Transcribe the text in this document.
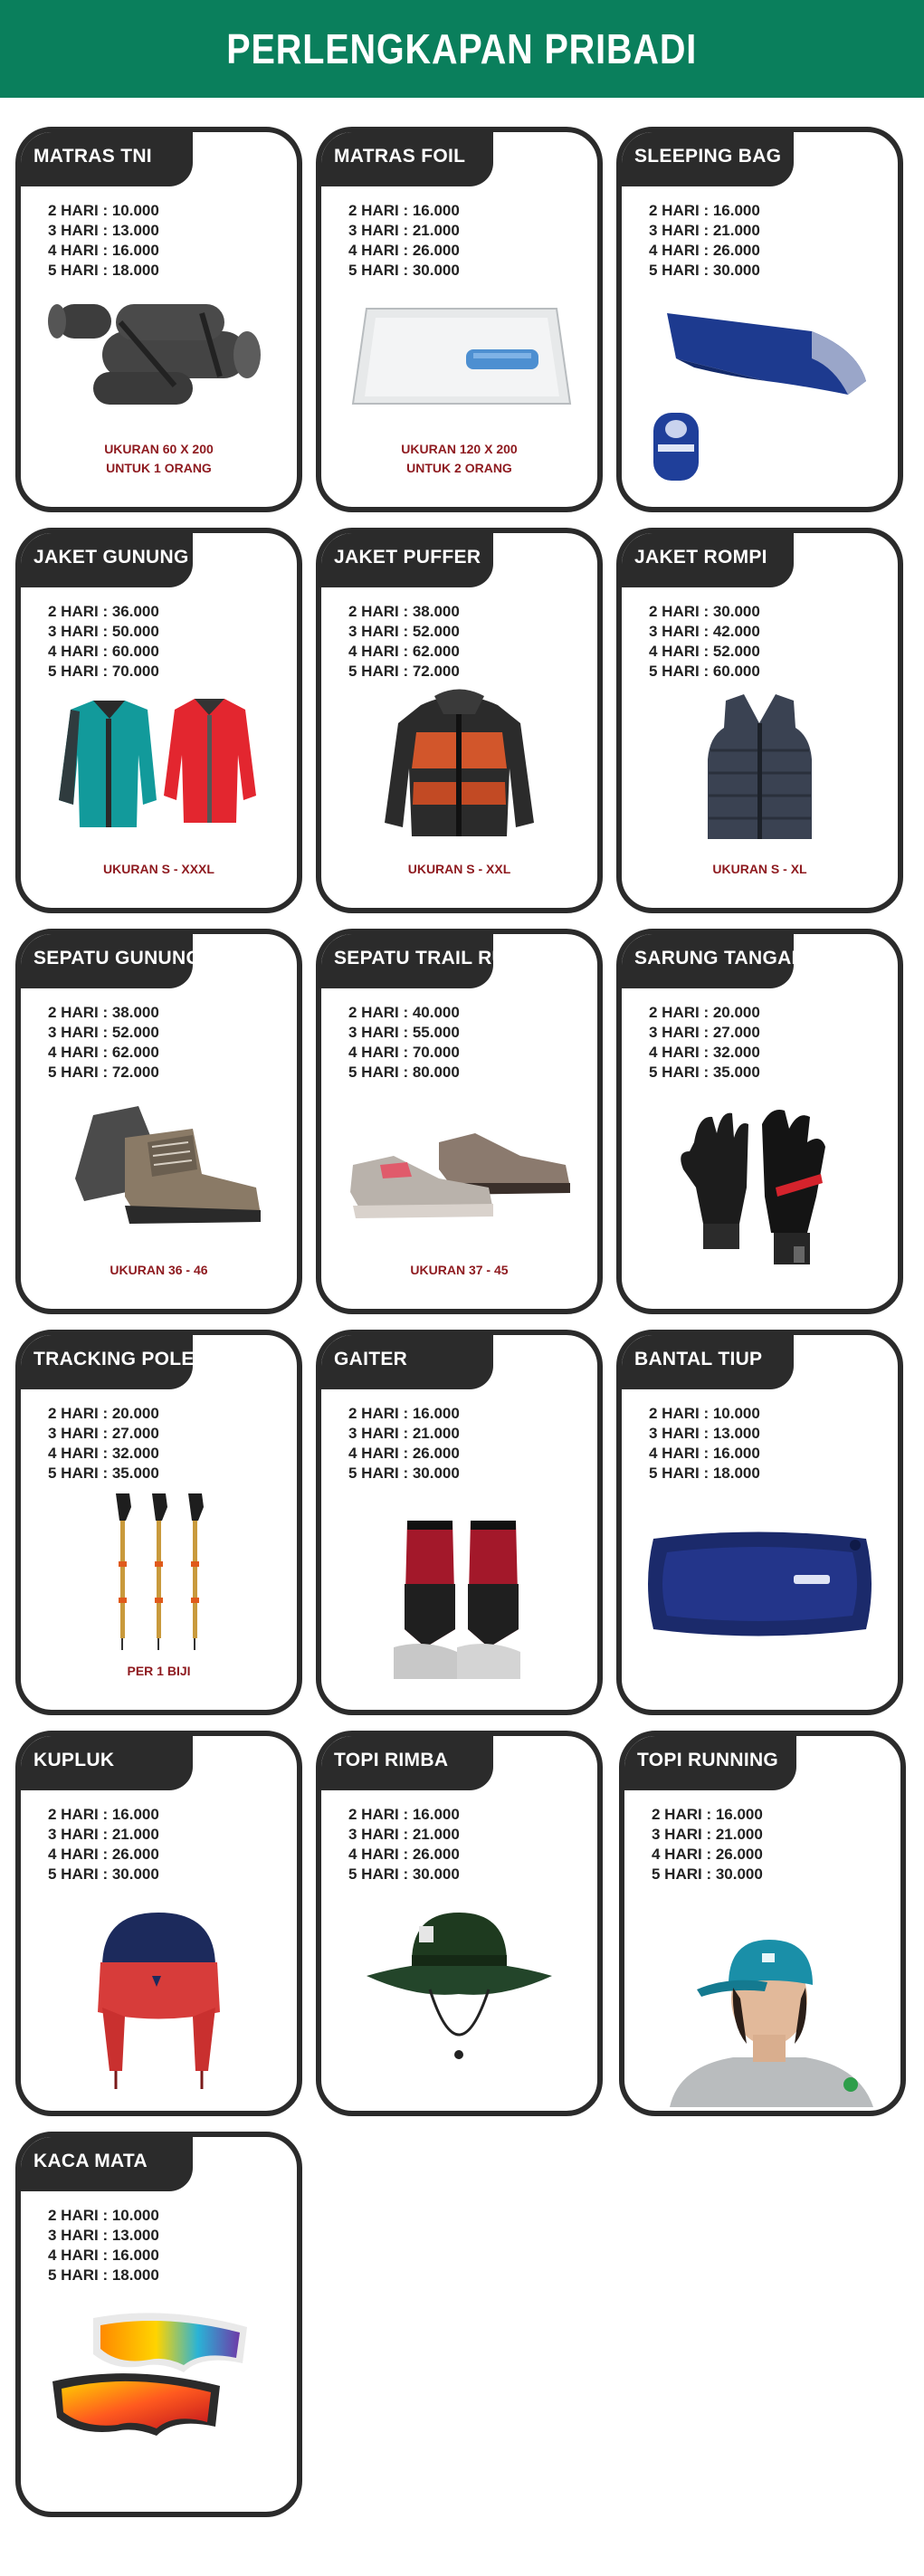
PERLENGKAPAN PRIBADI
MATRAS TNI
2 HARI : 10.000
3 HARI : 13.000
4 HARI : 16.000
5 HARI : 18.000
UKURAN 60 X 200
UNTUK 1 ORANG
MATRAS FOIL
2 HARI : 16.000
3 HARI : 21.000
4 HARI : 26.000
5 HARI : 30.000
UKURAN 120 X 200
UNTUK 2 ORANG
SLEEPING BAG
2 HARI : 16.000
3 HARI : 21.000
4 HARI : 26.000
5 HARI : 30.000
JAKET GUNUNG
2 HARI : 36.000
3 HARI : 50.000
4 HARI : 60.000
5 HARI : 70.000
UKURAN S - XXXL
JAKET PUFFER
2 HARI : 38.000
3 HARI : 52.000
4 HARI : 62.000
5 HARI : 72.000
UKURAN S - XXL
JAKET ROMPI
2 HARI : 30.000
3 HARI : 42.000
4 HARI : 52.000
5 HARI : 60.000
UKURAN S - XL
SEPATU GUNUNG
2 HARI : 38.000
3 HARI : 52.000
4 HARI : 62.000
5 HARI : 72.000
UKURAN 36 - 46
SEPATU TRAIL RUN
2 HARI : 40.000
3 HARI : 55.000
4 HARI : 70.000
5 HARI : 80.000
UKURAN 37 - 45
SARUNG TANGAN
2 HARI : 20.000
3 HARI : 27.000
4 HARI : 32.000
5 HARI : 35.000
TRACKING POLE
2 HARI : 20.000
3 HARI : 27.000
4 HARI : 32.000
5 HARI : 35.000
PER 1 BIJI
GAITER
2 HARI : 16.000
3 HARI : 21.000
4 HARI : 26.000
5 HARI : 30.000
BANTAL TIUP
2 HARI : 10.000
3 HARI : 13.000
4 HARI : 16.000
5 HARI : 18.000
KUPLUK
2 HARI : 16.000
3 HARI : 21.000
4 HARI : 26.000
5 HARI : 30.000
TOPI RIMBA
2 HARI : 16.000
3 HARI : 21.000
4 HARI : 26.000
5 HARI : 30.000
TOPI RUNNING
2 HARI : 16.000
3 HARI : 21.000
4 HARI : 26.000
5 HARI : 30.000
KACA MATA
2 HARI : 10.000
3 HARI : 13.000
4 HARI : 16.000
5 HARI : 18.000
